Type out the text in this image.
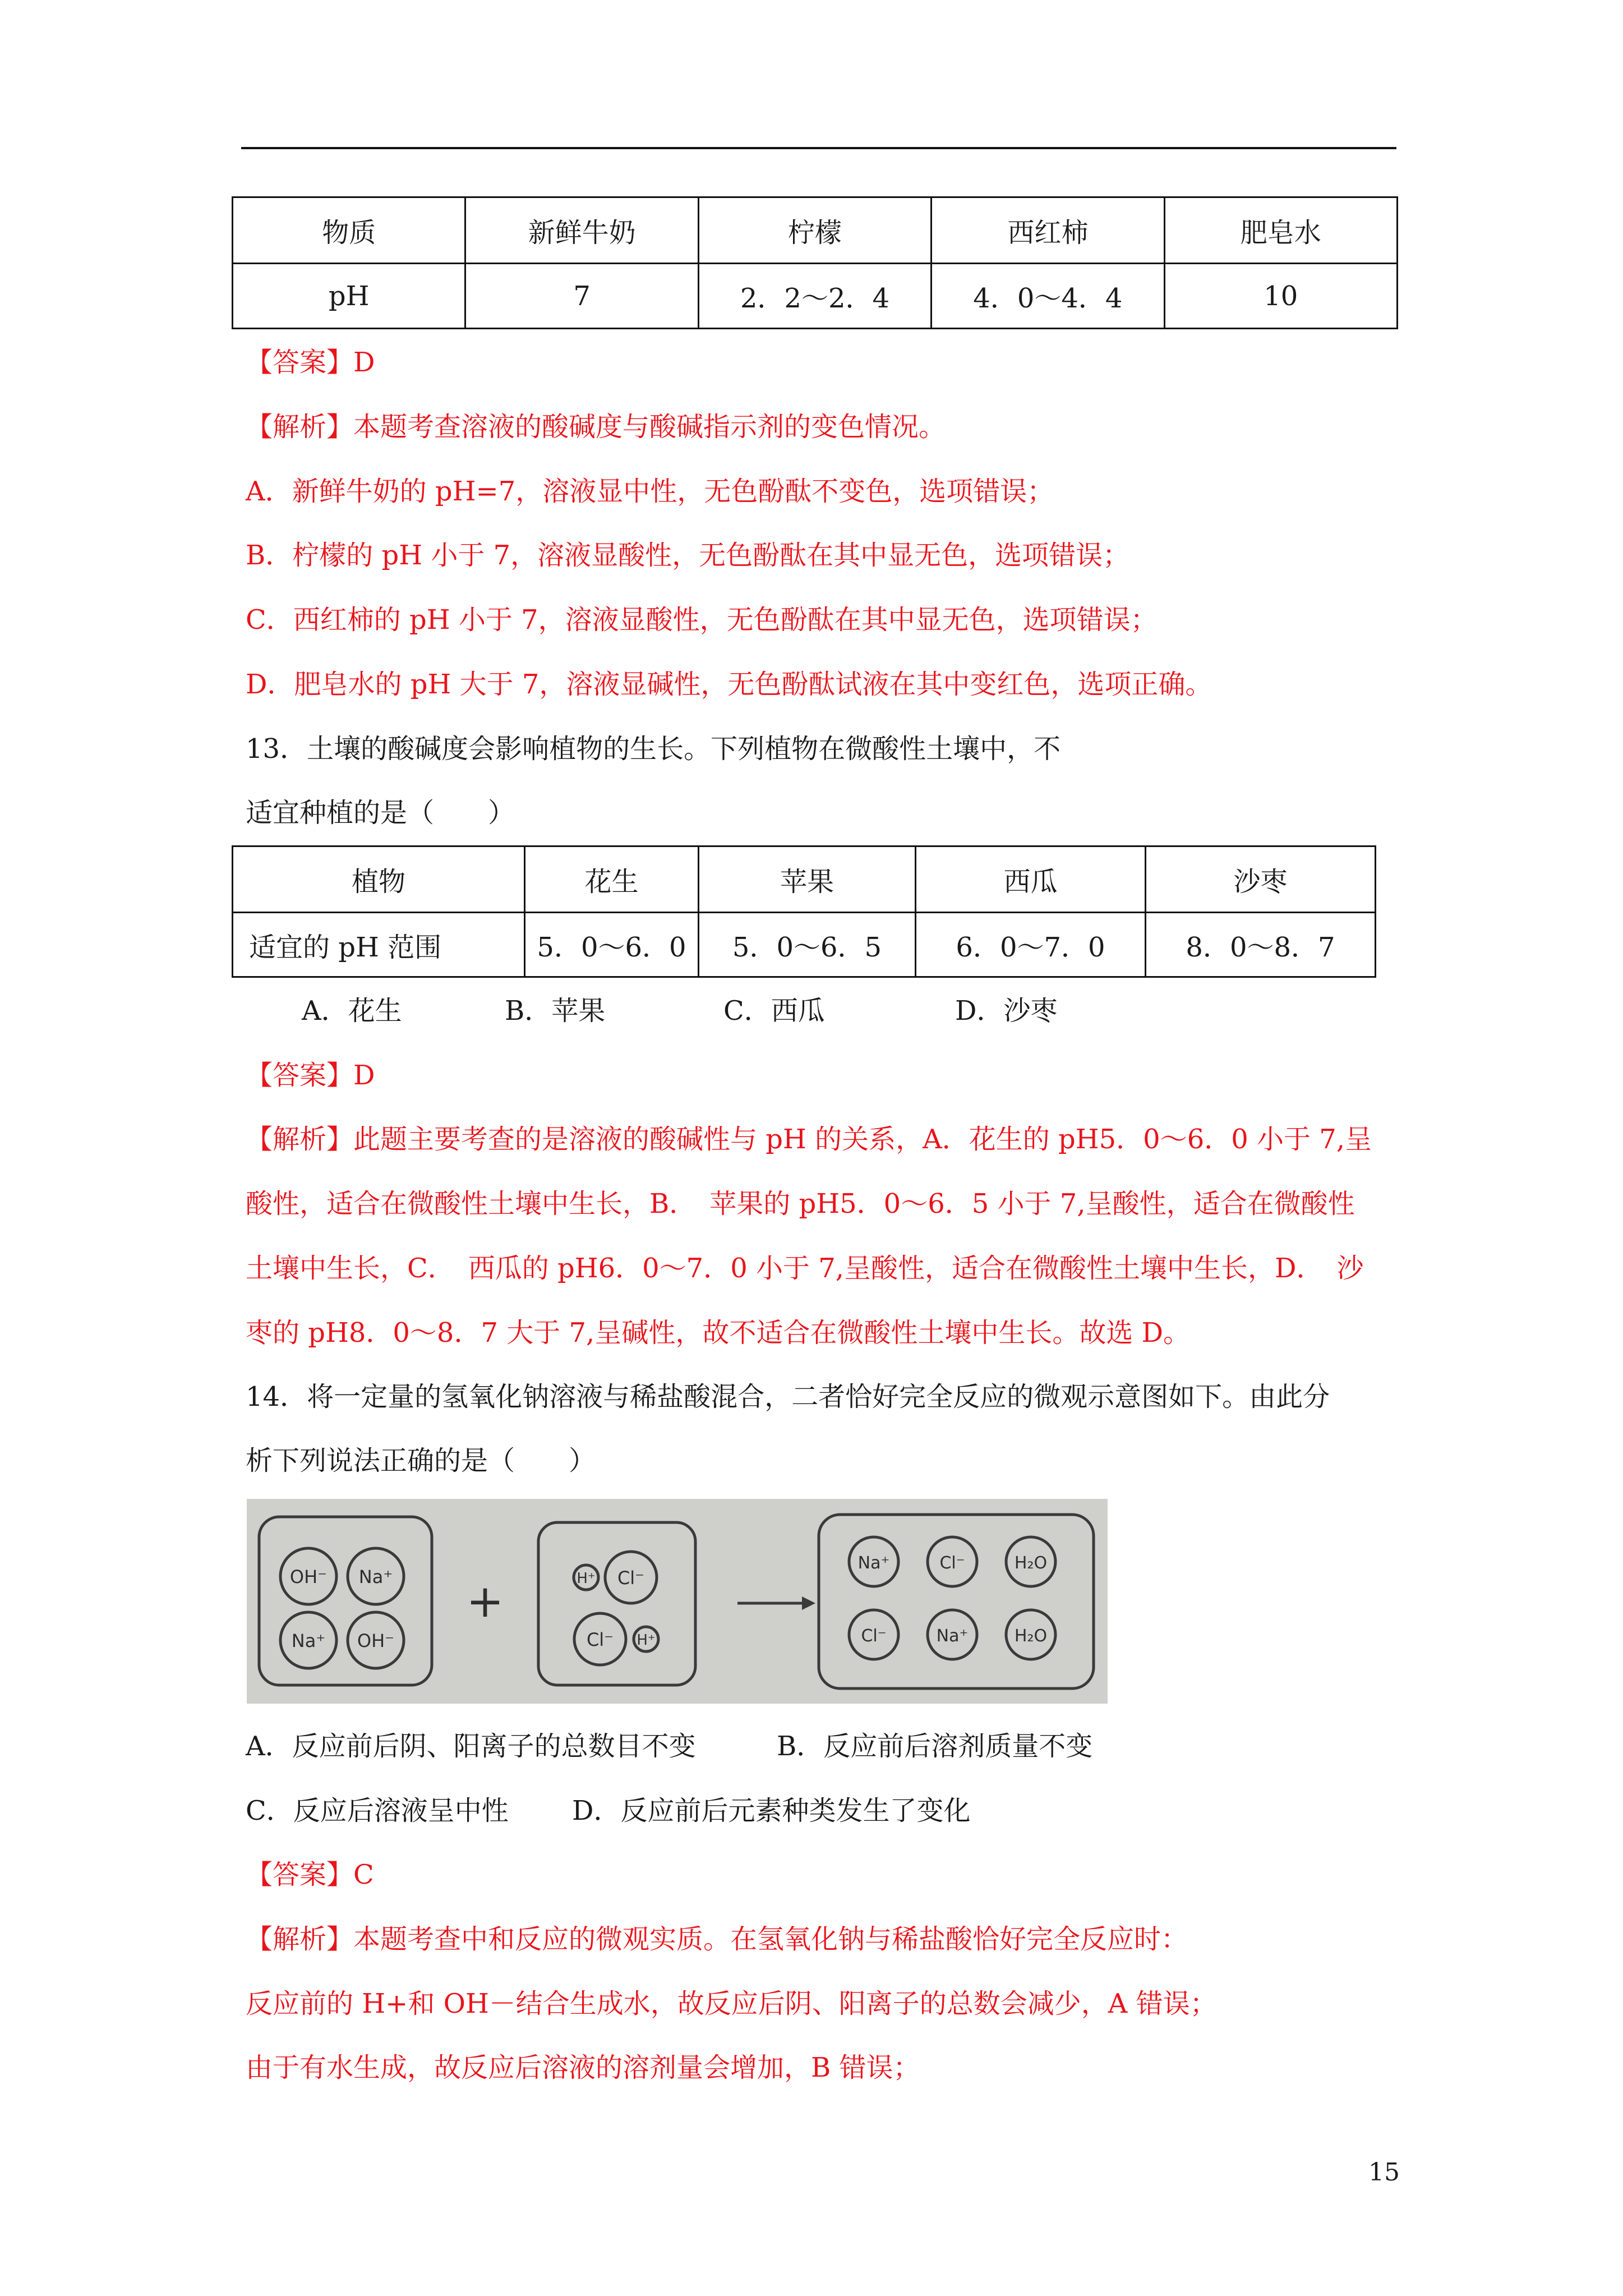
物质	新鲜牛奶	柠檬	西红柿	肥皂水
pH	7	2．2～2．4	4．0～4．4	10
【答案】D
【解析】本题考查溶液的酸碱度与酸碱指示剂的变色情况。
A．新鲜牛奶的 pH=7，溶液显中性，无色酚酞不变色，选项错误；
B．柠檬的 pH 小于 7，溶液显酸性，无色酚酞在其中显无色，选项错误；
C．西红柿的 pH 小于 7，溶液显酸性，无色酚酞在其中显无色，选项错误；
D．肥皂水的 pH 大于 7，溶液显碱性，无色酚酞试液在其中变红色，选项正确。
13．土壤的酸碱度会影响植物的生长。下列植物在微酸性土壤中，不
适宜种植的是（　　）
植物	花生	苹果	西瓜	沙枣
适宜的 pH 范围	5．0～6．0	5．0～6．5	6．0～7．0	8．0～8．7
A．花生	B．苹果	C．西瓜	D．沙枣
【答案】D
【解析】此题主要考查的是溶液的酸碱性与 pH 的关系，A．花生的 pH5．0～6．0 小于 7,呈
酸性，适合在微酸性土壤中生长，B．　苹果的 pH5．0～6．5 小于 7,呈酸性，适合在微酸性
土壤中生长，C．　西瓜的 pH6．0～7．0 小于 7,呈酸性，适合在微酸性土壤中生长，D．　沙
枣的 pH8．0～8．7 大于 7,呈碱性，故不适合在微酸性土壤中生长。故选 D。
14．将一定量的氢氧化钠溶液与稀盐酸混合，二者恰好完全反应的微观示意图如下。由此分
析下列说法正确的是（　　）
OH⁻ Na⁺
Na⁺ OH⁻
+	H⁺ Cl⁻
Cl⁻ H⁺
Na⁺	Cl⁻	H₂O
Cl⁻	Na⁺	H₂O
A．反应前后阴、阳离子的总数目不变	B．反应前后溶剂质量不变
C．反应后溶液呈中性 D．反应前后元素种类发生了变化
【答案】C
【解析】本题考查中和反应的微观实质。在氢氧化钠与稀盐酸恰好完全反应时：
反应前的 H+和 OH－结合生成水，故反应后阴、阳离子的总数会减少，A 错误；
由于有水生成，故反应后溶液的溶剂量会增加，B 错误；
15
